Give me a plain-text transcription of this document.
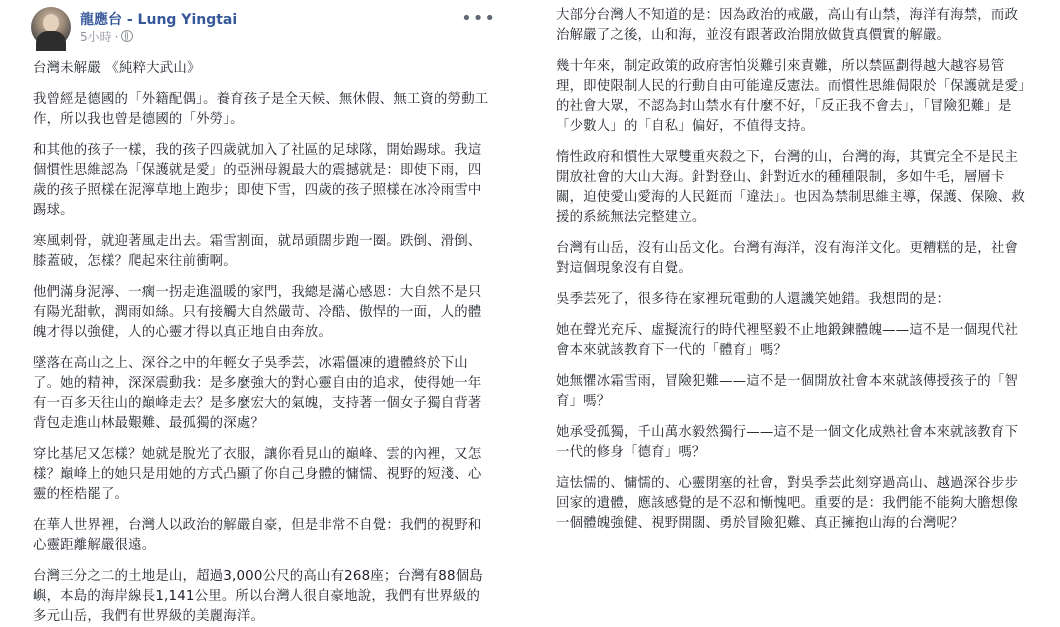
龍應台 - Lung Yingtai
5小時 ·
•••

台灣未解嚴 《純粹大武山》

我曾經是德國的「外籍配偶」。養育孩子是全天候、無休假、無工資的勞動工作，所以我也曾是德國的「外勞」。

和其他的孩子一樣，我的孩子四歲就加入了社區的足球隊，開始踢球。我這個慣性思維認為「保護就是愛」的亞洲母親最大的震撼就是：即使下雨，四歲的孩子照樣在泥濘草地上跑步；即使下雪，四歲的孩子照樣在冰冷雨雪中踢球。

寒風刺骨，就迎著風走出去。霜雪割面，就昂頭闊步跑一圈。跌倒、滑倒、膝蓋破，怎樣？爬起來往前衝啊。

他們滿身泥濘、一瘸一拐走進溫暖的家門，我總是滿心感恩：大自然不是只有陽光甜軟，潤雨如絲。只有接觸大自然嚴苛、冷酷、傲悍的一面，人的體魄才得以強健，人的心靈才得以真正地自由奔放。

墜落在高山之上、深谷之中的年輕女子吳季芸，冰霜僵凍的遺體終於下山了。她的精神，深深震動我：是多麼強大的對心靈自由的追求，使得她一年有一百多天往山的巔峰走去？是多麼宏大的氣魄，支持著一個女子獨自背著背包走進山林最艱難、最孤獨的深處？

穿比基尼又怎樣？她就是脫光了衣服，讓你看見山的巔峰、雲的內裡，又怎樣？巔峰上的她只是用她的方式凸顯了你自己身體的慵懦、視野的短淺、心靈的桎梏罷了。

在華人世界裡，台灣人以政治的解嚴自豪，但是非常不自覺：我們的視野和心靈距離解嚴很遠。

台灣三分之二的土地是山，超過3,000公尺的高山有268座；台灣有88個島嶼，本島的海岸線長1,141公里。所以台灣人很自豪地說，我們有世界級的多元山岳，我們有世界級的美麗海洋。

大部分台灣人不知道的是：因為政治的戒嚴，高山有山禁，海洋有海禁，而政治解嚴了之後，山和海，並沒有跟著政治開放做貨真價實的解嚴。

幾十年來，制定政策的政府害怕災難引來責難，所以禁區劃得越大越容易管理，即使限制人民的行動自由可能違反憲法。而慣性思維侷限於「保護就是愛」的社會大眾，不認為封山禁水有什麼不好，「反正我不會去」，「冒險犯難」是「少數人」的「自私」偏好，不值得支持。

惰性政府和慣性大眾雙重夾殺之下，台灣的山，台灣的海，其實完全不是民主開放社會的大山大海。針對登山、針對近水的種種限制，多如牛毛，層層卡關，迫使愛山愛海的人民鋌而「違法」。也因為禁制思維主導，保護、保險、救援的系統無法完整建立。

台灣有山岳，沒有山岳文化。台灣有海洋，沒有海洋文化。更糟糕的是，社會對這個現象沒有自覺。

吳季芸死了，很多待在家裡玩電動的人還譏笑她錯。我想問的是：

她在聲光充斥、虛擬流行的時代裡堅毅不止地鍛鍊體魄——這不是一個現代社會本來就該教育下一代的「體育」嗎？

她無懼冰霜雪雨，冒險犯難——這不是一個開放社會本來就該傳授孩子的「智育」嗎？

她承受孤獨，千山萬水毅然獨行——這不是一個文化成熟社會本來就該教育下一代的修身「德育」嗎？

這怯懦的、慵懦的、心靈閉塞的社會，對吳季芸此刻穿過高山、越過深谷步步回家的遺體，應該感覺的是不忍和慚愧吧。重要的是：我們能不能夠大膽想像一個體魄強健、視野開闊、勇於冒險犯難、真正擁抱山海的台灣呢？
